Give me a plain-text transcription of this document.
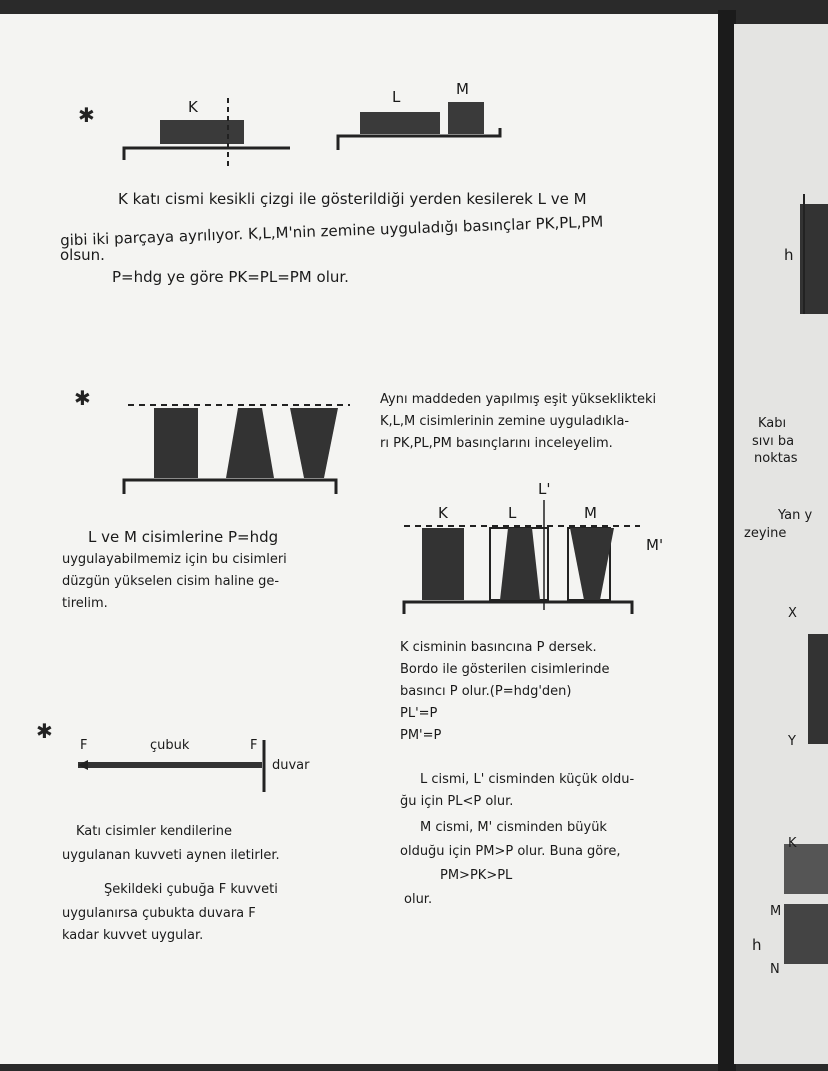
h
Kabı
sıvı ba
noktas
Yan y
zeyine
X
Y
K
M
h
N
✱
✱
✱
K
L	M
K katı cismi kesikli çizgi ile gösterildiği yerden kesilerek L ve M
gibi iki parçaya ayrılıyor. K,L,M'nin zemine uyguladığı basınçlar PK,PL,PM
olsun.
P=hdg ye göre PK=PL=PM olur.
Aynı maddeden yapılmış eşit yükseklikteki
K,L,M cisimlerinin zemine uyguladıkla-
rı PK,PL,PM basınçlarını inceleyelim.
L ve M cisimlerine P=hdg
uygulayabilmemiz için bu cisimleri
düzgün yükselen cisim haline ge-
tirelim.
K	L
L'
M
M'
K cisminin basıncına P dersek.
Bordo ile gösterilen cisimlerinde
basıncı P olur.(P=hdg'den)
PL'=P
PM'=P
L cismi, L' cisminden küçük oldu-
ğu için PL<P olur.
M cismi, M' cisminden büyük
olduğu için PM>P olur. Buna göre,
PM>PK>PL
olur.
F	çubuk	F
duvar
Katı cisimler kendilerine
uygulanan kuvveti aynen iletirler.
Şekildeki çubuğa F kuvveti
uygulanırsa çubukta duvara F
kadar kuvvet uygular.
